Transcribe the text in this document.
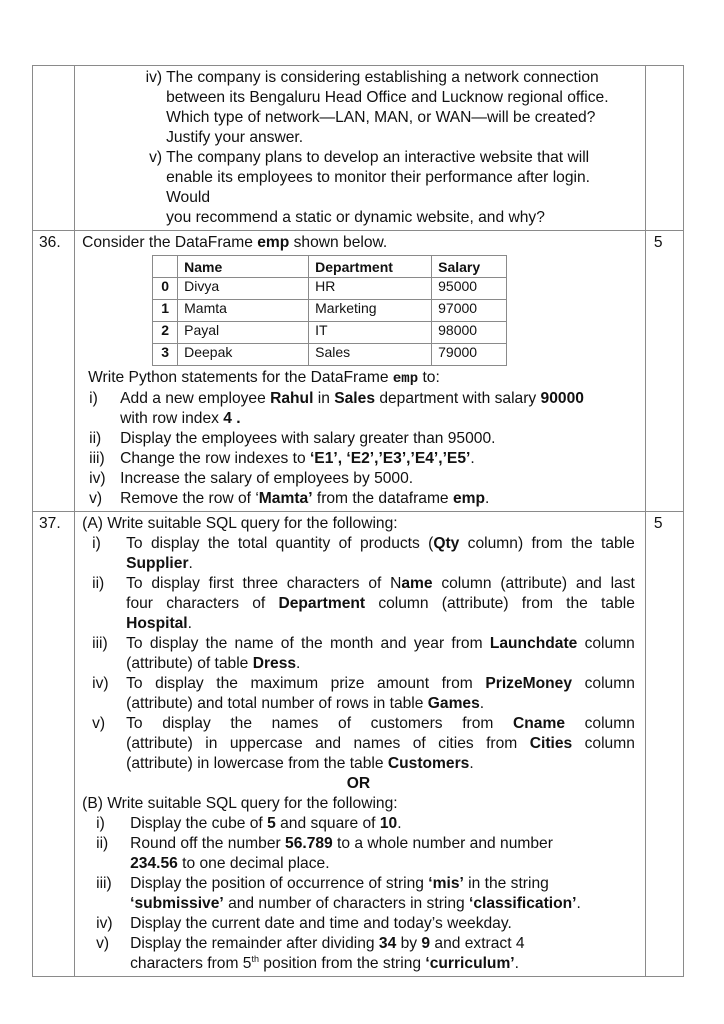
iv) The company is considering establishing a network connection
between its Bengaluru Head Office and Lucknow regional office.
Which type of network—LAN, MAN, or WAN—will be created?
Justify your answer.
v) The company plans to develop an interactive website that will
enable its employees to monitor their performance after login. Would
you recommend a static or dynamic website, and why?

36.	Consider the DataFrame emp shown below.
	Name	Department	Salary
0	Divya	HR	95000
1	Mamta	Marketing	97000
2	Payal	IT	98000
3	Deepak	Sales	79000
Write Python statements for the DataFrame emp to:
i)	Add a new employee Rahul in Sales department with salary 90000
with row index 4 .
ii)	Display the employees with salary greater than 95000.
iii) Change the row indexes to ‘E1’, ‘E2’,’E3’,’E4’,’E5’.
iv) Increase the salary of employees by 5000.
v)	Remove the row of ‘Mamta’ from the dataframe emp.

5

37.	(A) Write suitable SQL query for the following:
i)	To display the total quantity of products (Qty column) from the table
Supplier.
ii)	To display first three characters of Name column (attribute) and last
four characters of Department column (attribute) from the table
Hospital.
iii)	To display the name of the month and year from Launchdate column
(attribute) of table Dress.
iv)	To display the maximum prize amount from PrizeMoney column
(attribute) and total number of rows in table Games.
v)	To display the names of customers from Cname column
(attribute) in uppercase and names of cities from Cities column
(attribute) in lowercase from the table Customers.
OR
(B) Write suitable SQL query for the following:
i)	Display the cube of 5 and square of 10.
ii)	Round off the number 56.789 to a whole number and number
234.56 to one decimal place.
iii)	Display the position of occurrence of string ‘mis’ in the string
‘submissive’ and number of characters in string ‘classification’.
iv)	Display the current date and time and today’s weekday.
v)	Display the remainder after dividing 34 by 9 and extract 4
characters from 5th position from the string ‘curriculum’.

5
